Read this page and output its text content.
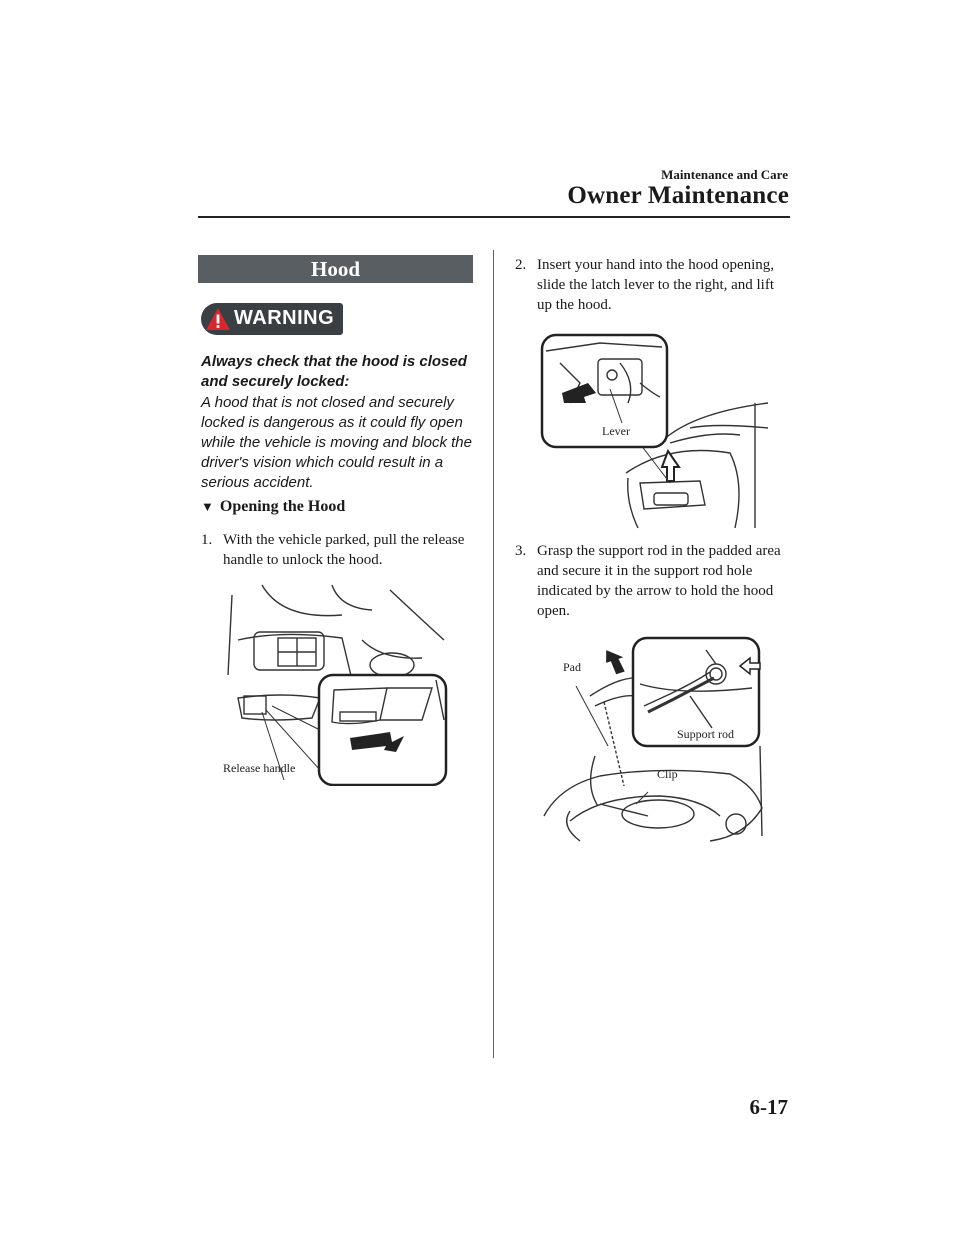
Maintenance and Care
Owner Maintenance
Hood
WARNING
Always check that the hood is closed and securely locked:
A hood that is not closed and securely locked is dangerous as it could fly open while the vehicle is moving and block the driver's vision which could result in a serious accident.
▼ Opening the Hood
1. With the vehicle parked, pull the release handle to unlock the hood.
Release handle
2. Insert your hand into the hood opening, slide the latch lever to the right, and lift up the hood.
Lever
3. Grasp the support rod in the padded area and secure it in the support rod hole indicated by the arrow to hold the hood open.
Pad
Support rod
Clip
6-17
